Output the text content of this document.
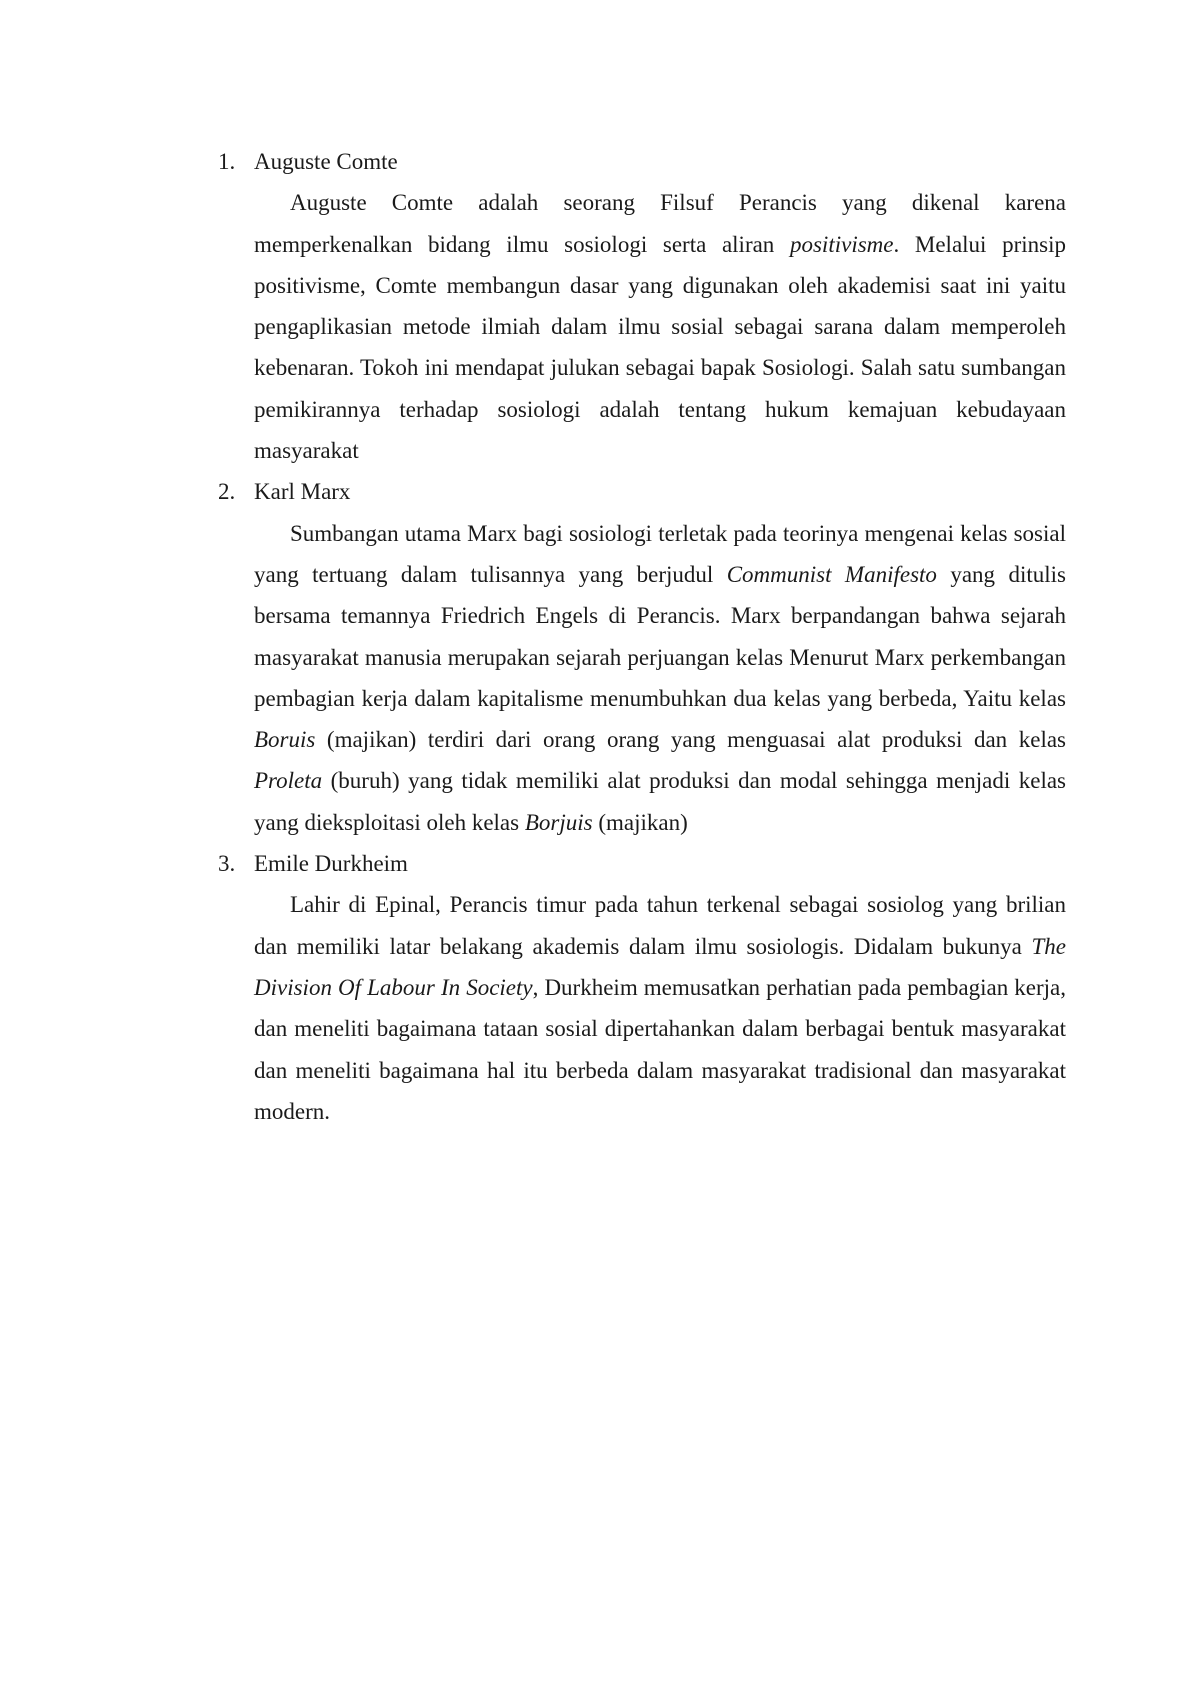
1. Auguste Comte

Auguste Comte adalah seorang Filsuf Perancis yang dikenal karena memperkenalkan bidang ilmu sosiologi serta aliran positivisme. Melalui prinsip positivisme, Comte membangun dasar yang digunakan oleh akademisi saat ini yaitu pengaplikasian metode ilmiah dalam ilmu sosial sebagai sarana dalam memperoleh kebenaran. Tokoh ini mendapat julukan sebagai bapak Sosiologi. Salah satu sumbangan pemikirannya terhadap sosiologi adalah tentang hukum kemajuan kebudayaan masyarakat

2. Karl Marx

Sumbangan utama Marx bagi sosiologi terletak pada teorinya mengenai kelas sosial yang tertuang dalam tulisannya yang berjudul Communist Manifesto yang ditulis bersama temannya Friedrich Engels di Perancis. Marx berpandangan bahwa sejarah masyarakat manusia merupakan sejarah perjuangan kelas Menurut Marx perkembangan pembagian kerja dalam kapitalisme menumbuhkan dua kelas yang berbeda, Yaitu kelas Boruis (majikan) terdiri dari orang orang yang menguasai alat produksi dan kelas Proleta (buruh) yang tidak memiliki alat produksi dan modal sehingga menjadi kelas yang dieksploitasi oleh kelas Borjuis (majikan)

3. Emile Durkheim

Lahir di Epinal, Perancis timur pada tahun terkenal sebagai sosiolog yang brilian dan memiliki latar belakang akademis dalam ilmu sosiologis. Didalam bukunya The Division Of Labour In Society, Durkheim memusatkan perhatian pada pembagian kerja, dan meneliti bagaimana tataan sosial dipertahankan dalam berbagai bentuk masyarakat dan meneliti bagaimana hal itu berbeda dalam masyarakat tradisional dan masyarakat modern.
